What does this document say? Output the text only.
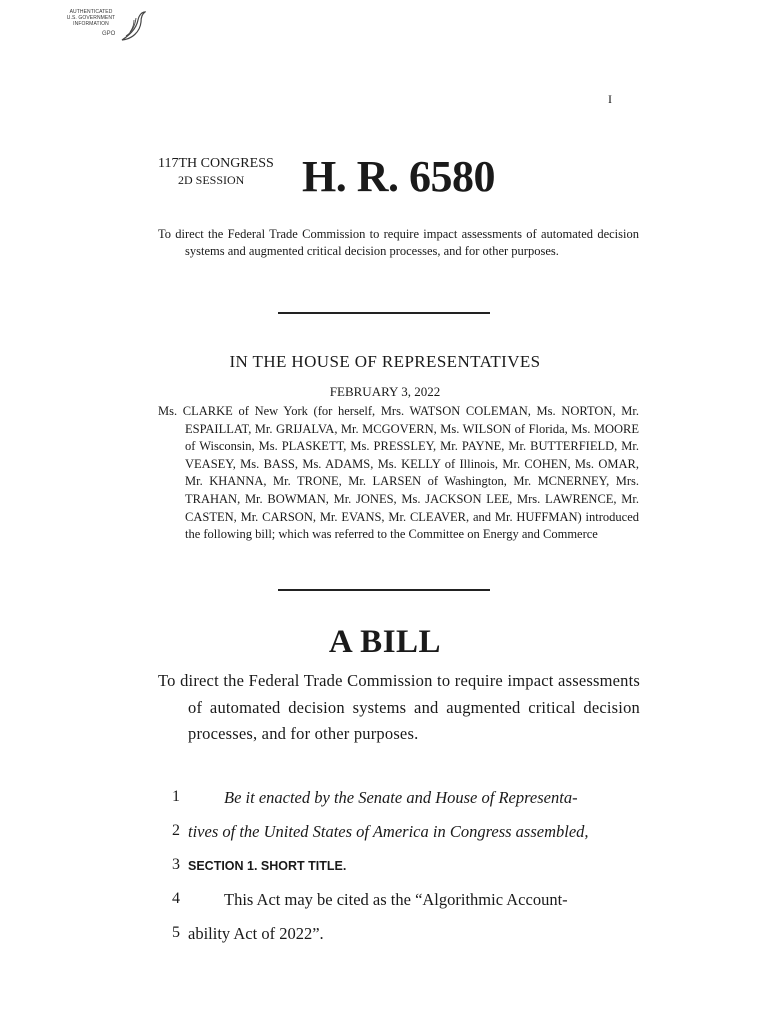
AUTHENTICATED
U.S. GOVERNMENT
INFORMATION
GPO
I
117TH CONGRESS
2D SESSION H. R. 6580
To direct the Federal Trade Commission to require impact assessments of automated decision systems and augmented critical decision processes, and for other purposes.
IN THE HOUSE OF REPRESENTATIVES
FEBRUARY 3, 2022
Ms. CLARKE of New York (for herself, Mrs. WATSON COLEMAN, Ms. NORTON, Mr. ESPAILLAT, Mr. GRIJALVA, Mr. MCGOVERN, Ms. WILSON of Florida, Ms. MOORE of Wisconsin, Ms. PLASKETT, Ms. PRESSLEY, Mr. PAYNE, Mr. BUTTERFIELD, Mr. VEASEY, Ms. BASS, Ms. ADAMS, Ms. KELLY of Illinois, Mr. COHEN, Ms. OMAR, Mr. KHANNA, Mr. TRONE, Mr. LARSEN of Washington, Mr. MCNERNEY, Mrs. TRAHAN, Mr. BOWMAN, Mr. JONES, Ms. JACKSON LEE, Mrs. LAWRENCE, Mr. CASTEN, Mr. CARSON, Mr. EVANS, Mr. CLEAVER, and Mr. HUFFMAN) introduced the following bill; which was referred to the Committee on Energy and Commerce
A BILL
To direct the Federal Trade Commission to require impact assessments of automated decision systems and augmented critical decision processes, and for other purposes.
1	Be it enacted by the Senate and House of Representa-
2 tives of the United States of America in Congress assembled,
3 SECTION 1. SHORT TITLE.
4	This Act may be cited as the “Algorithmic Account-
5 ability Act of 2022”.
